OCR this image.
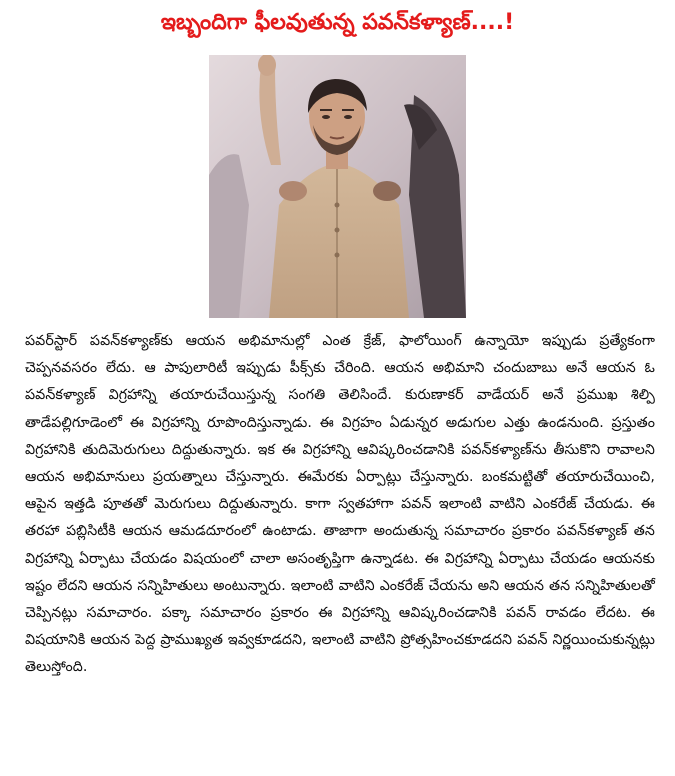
ఇబ్బందిగా ఫీలవుతున్న పవన్‌కళ్యాణ్....!

పవర్‌స్టార్ పవన్‌కళ్యాణ్‌కు ఆయన అభిమానుల్లో ఎంత క్రేజ్, ఫాలోయింగ్ ఉన్నాయో ఇప్పుడు ప్రత్యేకంగా చెప్పనవసరం లేదు. ఆ పాపులారిటీ ఇప్పుడు పీక్స్‌కు చేరింది. ఆయన అభిమాని చందుబాబు అనే ఆయన ఓ పవన్‌కళ్యాణ్ విగ్రహాన్ని తయారుచేయిస్తున్న సంగతి తెలిసిందే. కురుణాకర్ వాడేయర్ అనే ప్రముఖ శిల్పి తాడేపల్లిగూడెంలో ఈ విగ్రహాన్ని రూపొందిస్తున్నాడు. ఈ విగ్రహం ఏడున్నర అడుగుల ఎత్తు ఉండనుంది. ప్రస్తుతం విగ్రహానికి తుదిమెరుగులు దిద్దుతున్నారు. ఇక ఈ విగ్రహాన్ని ఆవిష్కరించడానికి పవన్‌కళ్యాణ్‌ను తీసుకొని రావాలని ఆయన అభిమానులు ప్రయత్నాలు చేస్తున్నారు. ఈమేరకు ఏర్పాట్లు చేస్తున్నారు. బంకమట్టితో తయారుచేయించి, ఆపైన ఇత్తడి పూతతో మెరుగులు దిద్దుతున్నారు. కాగా స్వతహాగా పవన్ ఇలాంటి వాటిని ఎంకరేజ్ చేయడు. ఈ తరహా పబ్లిసిటీకి ఆయన ఆమడదూరంలో ఉంటాడు. తాజాగా అందుతున్న సమాచారం ప్రకారం పవన్‌కళ్యాణ్ తన విగ్రహాన్ని ఏర్పాటు చేయడం విషయంలో చాలా అసంతృప్తిగా ఉన్నాడట. ఈ విగ్రహాన్ని ఏర్పాటు చేయడం ఆయనకు ఇష్టం లేదని ఆయన సన్నిహితులు అంటున్నారు. ఇలాంటి వాటిని ఎంకరేజ్ చేయను అని ఆయన తన సన్నిహితులతో చెప్పినట్లు సమాచారం. పక్కా సమాచారం ప్రకారం ఈ విగ్రహాన్ని ఆవిష్కరించడానికి పవన్ రావడం లేదట. ఈ విషయానికి ఆయన పెద్ద ప్రాముఖ్యత ఇవ్వకూడదని, ఇలాంటి వాటిని ప్రోత్సహించకూడదని పవన్ నిర్ణయించుకున్నట్లు తెలుస్తోంది.
